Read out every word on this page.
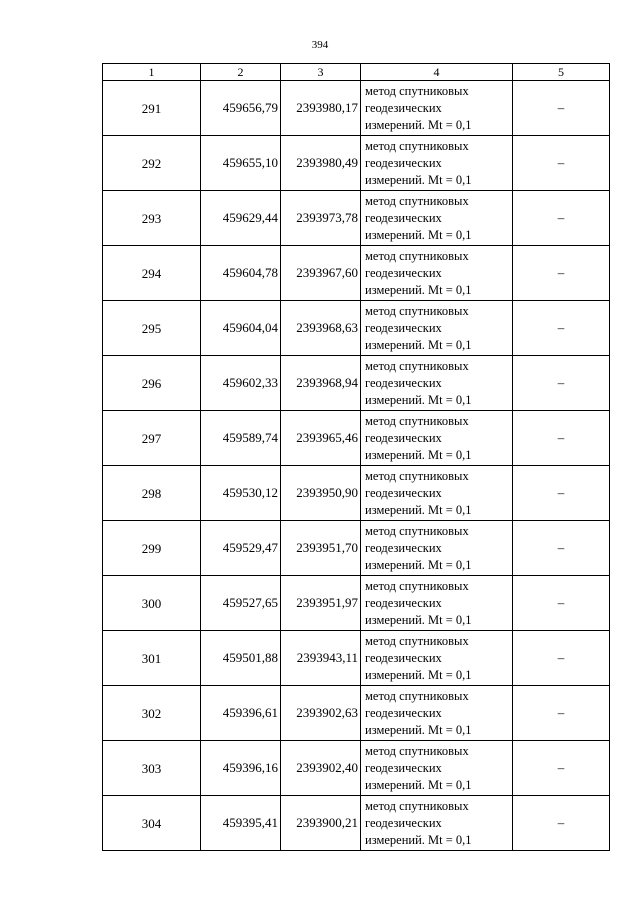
394
1	2	3	4	5
291	459656,79	2393980,17	метод спутниковых
геодезических
измерений. Mt = 0,1	–
292	459655,10	2393980,49	метод спутниковых
геодезических
измерений. Mt = 0,1	–
293	459629,44	2393973,78	метод спутниковых
геодезических
измерений. Mt = 0,1	–
294	459604,78	2393967,60	метод спутниковых
геодезических
измерений. Mt = 0,1	–
295	459604,04	2393968,63	метод спутниковых
геодезических
измерений. Mt = 0,1	–
296	459602,33	2393968,94	метод спутниковых
геодезических
измерений. Mt = 0,1	–
297	459589,74	2393965,46	метод спутниковых
геодезических
измерений. Mt = 0,1	–
298	459530,12	2393950,90	метод спутниковых
геодезических
измерений. Mt = 0,1	–
299	459529,47	2393951,70	метод спутниковых
геодезических
измерений. Mt = 0,1	–
300	459527,65	2393951,97	метод спутниковых
геодезических
измерений. Mt = 0,1	–
301	459501,88	2393943,11	метод спутниковых
геодезических
измерений. Mt = 0,1	–
302	459396,61	2393902,63	метод спутниковых
геодезических
измерений. Mt = 0,1	–
303	459396,16	2393902,40	метод спутниковых
геодезических
измерений. Mt = 0,1	–
304	459395,41	2393900,21	метод спутниковых
геодезических
измерений. Mt = 0,1	–
